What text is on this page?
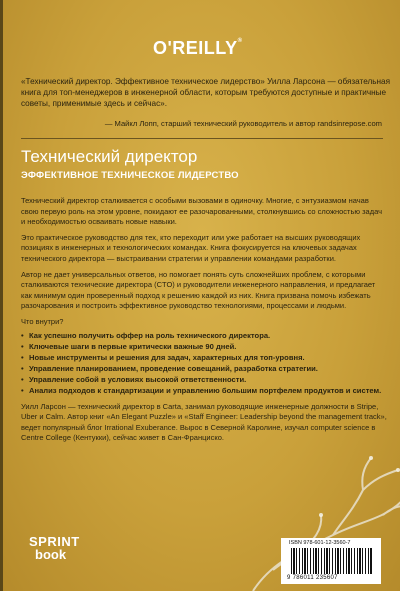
O'REILLY®
«Технический директор. Эффективное техническое лидерство» Уилла Ларсона — обязательная книга для топ-менеджеров в инженерной области, которым требуются доступные и практичные советы, применимые здесь и сейчас».
— Майкл Лопп, старший технический руководитель и автор randsinrepose.com
Технический директор
ЭФФЕКТИВНОЕ ТЕХНИЧЕСКОЕ ЛИДЕРСТВО

Технический директор сталкивается с особыми вызовами в одиночку. Многие, с энтузиазмом начав свою первую роль на этом уровне, покидают ее разочарованными, столкнувшись со сложностью задач и необходимостью осваивать новые навыки.

Это практическое руководство для тех, кто переходит или уже работает на высших руководящих позициях в инженерных и технологических командах. Книга фокусируется на ключевых задачах технического директора — выстраивании стратегии и управлении командами разработки.

Автор не дает универсальных ответов, но помогает понять суть сложнейших проблем, с которыми сталкиваются технические директора (CTO) и руководители инженерного направления, и предлагает как минимум один проверенный подход к решению каждой из них. Книга призвана помочь избежать разочарования и построить эффективное руководство технологиями, процессами и людьми.

Что внутри?

• Как успешно получить оффер на роль технического директора.
• Ключевые шаги в первые критически важные 90 дней.
• Новые инструменты и решения для задач, характерных для топ-уровня.
• Управление планированием, проведение совещаний, разработка стратегии.
• Управление собой в условиях высокой ответственности.
• Анализ подходов к стандартизации и управлению большим портфелем продуктов и систем.

Уилл Ларсон — технический директор в Carta, занимал руководящие инженерные должности в Stripe, Uber и Calm. Автор книг «An Elegant Puzzle» и «Staff Engineer: Leadership beyond the management track», ведет популярный блог Irrational Exuberance. Вырос в Северной Каролине, изучал computer science в Centre College (Кентукки), сейчас живет в Сан-Франциско.

SPRINT
book
ISBN 978-601-12-3560-7
9 786011 235607
